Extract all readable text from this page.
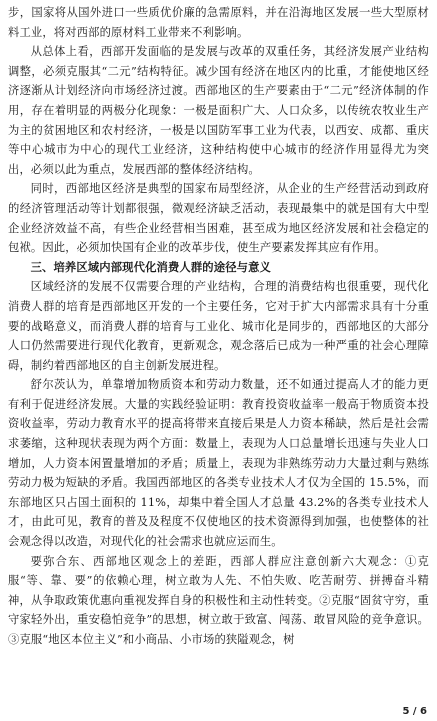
步，国家将从国外进口一些质优价廉的急需原料，并在沿海地区发展一些大型原材料工业，将对西部的原材料工业带来不利影响。

从总体上看，西部开发面临的是发展与改革的双重任务，其经济发展产业结构调整，必须克服其“二元”结构特征。减少国有经济在地区内的比重，才能使地区经济逐渐从计划经济向市场经济过渡。西部地区的生产要素由于“二元”经济体制的作用，存在着明显的两极分化现象：一极是面积广大、人口众多，以传统农牧业生产为主的贫困地区和农村经济，一极是以国防军事工业为代表，以西安、成都、重庆等中心城市为中心的现代工业经济，这种结构使中心城市的经济作用显得尤为突出，必须以此为重点，发展西部的整体经济结构。

同时，西部地区经济是典型的国家布局型经济，从企业的生产经营活动到政府的经济管理活动等计划都很强，微观经济缺乏活动，表现最集中的就是国有大中型企业经济效益不高，有些企业经营相当困难，甚至成为地区经济发展和社会稳定的包袱。因此，必须加快国有企业的改革步伐，使生产要素发挥其应有作用。

三、培养区域内部现代化消费人群的途径与意义

区域经济的发展不仅需要合理的产业结构，合理的消费结构也很重要，现代化消费人群的培育是西部地区开发的一个主要任务，它对于扩大内部需求具有十分重要的战略意义，而消费人群的培育与工业化、城市化是同步的，西部地区的大部分人口仍然需要进行现代化教育，更新观念，观念落后已成为一种严重的社会心理障碍，制约着西部地区的自主创新发展进程。

舒尔茨认为，单靠增加物质资本和劳动力数量，还不如通过提高人才的能力更有利于促进经济发展。大量的实践经验证明：教育投资收益率一般高于物质资本投资收益率，劳动力教育水平的提高将带来直接后果是人力资本稀缺，然后是社会需求萎缩，这种现状表现为两个方面：数量上，表现为人口总量增长迅速与失业人口增加，人力资本闲置量增加的矛盾；质量上，表现为非熟练劳动力大量过剩与熟练劳动力极为短缺的矛盾。我国西部地区的各类专业技术人才仅为全国的 15.5%，而东部地区只占国土面积的 11%，却集中着全国人才总量 43.2%的各类专业技术人才，由此可见，教育的普及及程度不仅使地区的技术资源得到加强，也使整体的社会观念得以改造，对现代化的社会需求也就应运而生。

要弥合东、西部地区观念上的差距，西部人群应注意创新六大观念：①克服“等、靠、要”的依赖心理，树立敢为人先、不怕失败、吃苦耐劳、拼搏奋斗精神，从争取政策优惠向重视发挥自身的积极性和主动性转变。②克服“固贫守穷，重守家轻外出，重安稳怕竞争”的思想，树立敢于致富、闯荡、敢冒风险的竞争意识。③克服“地区本位主义”和小商品、小市场的狭隘观念，树

5 / 6
